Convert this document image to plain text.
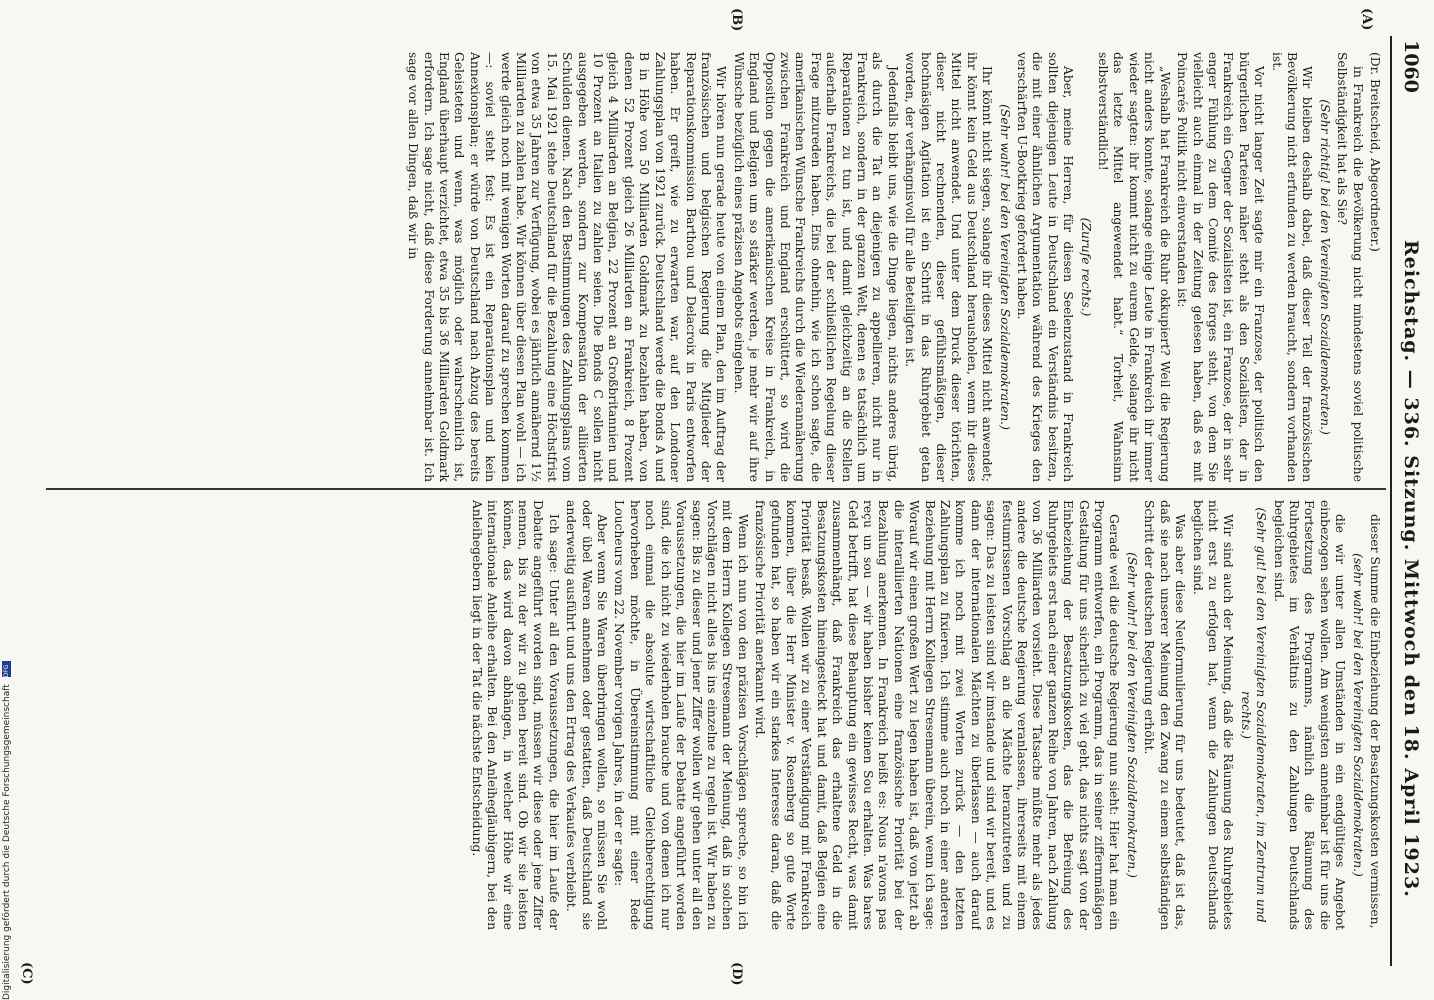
1060
Reichstag. — 336. Sitzung. Mittwoch den 18. April 1923.
(A)
(B)
(C)	(D)

(Dr. Breitscheid, Abgeordneter.)

in Frankreich die Bevölkerung nicht mindestens soviel politische Selbständigkeit hat als Sie?

(Sehr richtig! bei den Vereinigten Sozialdemokraten.)

Wir bleiben deshalb dabei, daß dieser Teil der französischen Bevölkerung nicht erfunden zu werden braucht, sondern vorhanden ist.

Vor nicht langer Zeit sagte mir ein Franzose, der politisch den bürgerlichen Parteien näher steht als den Sozialisten, der in Frankreich ein Gegner der Sozialisten ist, ein Franzose, der in sehr enger Fühlung zu dem Comité des forges steht, von dem Sie vielleicht auch einmal in der Zeitung gelesen haben, daß es mit Poincarés Politik nicht einverstanden ist:

„Weshalb hat Frankreich die Ruhr okkupiert? Weil die Regierung nicht anders konnte, solange einige Leute in Frankreich ihr immer wieder sagten: ihr kommt nicht zu eurem Gelde, solange ihr nicht das letzte Mittel angewendet habt.“ Torheit, Wahnsinn selbstverständlich!

(Zurufe rechts.)

Aber, meine Herren, für diesen Seelenzustand in Frankreich sollten diejenigen Leute in Deutschland ein Verständnis besitzen, die mit einer ähnlichen Argumentation während des Krieges den verschärften U-Bootkrieg gefordert haben.

(Sehr wahr! bei den Vereinigten Sozialdemokraten.)

Ihr könnt nicht siegen, solange ihr dieses Mittel nicht anwendet; ihr könnt kein Geld aus Deutschland herausholen, wenn ihr dieses Mittel nicht anwendet. Und unter dem Druck dieser törichten, dieser nicht rechnenden, dieser gefühlsmäßigen, dieser hochnäsigen Agitation ist ein Schritt in das Ruhrgebiet getan worden, der verhängnisvoll für alle Beteiligten ist.

Jedenfalls bleibt uns, wie die Dinge liegen, nichts anderes übrig, als durch die Tat an diejenigen zu appellieren, nicht nur in Frankreich, sondern in der ganzen Welt, denen es tatsächlich um Reparationen zu tun ist, und damit gleichzeitig an die Stellen außerhalb Frankreichs, die bei der schließlichen Regelung dieser Frage mitzureden haben. Eins ohnehin, wie ich schon sagte, die amerikanischen Wünsche Frankreichs durch die Wiederannäherung zwischen Frankreich und England erschüttert, so wird die Opposition gegen die amerikanischen Kreise in Frankreich, in England und Belgien um so stärker werden, je mehr wir auf ihre Wünsche bezüglich eines präzisen Angebots eingehen.

Wir hören nun gerade heute von einem Plan, den im Auftrag der französischen und belgischen Regierung die Mitglieder der Reparationskommission Barthou und Delacroix in Paris entworfen haben. Er greift, wie zu erwarten war, auf den Londoner Zahlungsplan von 1921 zurück. Deutschland werde die Bonds A und B in Höhe von 50 Milliarden Goldmark zu bezahlen haben, von denen 52 Prozent gleich 26 Milliarden an Frankreich, 8 Prozent gleich 4 Milliarden an Belgien, 22 Prozent an Großbritannien und 10 Prozent an Italien zu zahlen seien. Die Bonds C sollen nicht ausgegeben werden, sondern zur Kompensation der alliierten Schulden dienen. Nach den Bestimmungen des Zahlungsplans vom 15. Mai 1921 stehe Deutschland für die Bezahlung eine Höchstfrist von etwa 35 Jahren zur Verfügung, wobei es jährlich annähernd 1½ Milliarden zu zahlen habe. Wir können über diesen Plan wohl — ich werde gleich noch mit wenigen Worten darauf zu sprechen kommen —: soviel steht fest: Es ist ein Reparationsplan und kein Annexionsplan; er würde von Deutschland nach Abzug des bereits Geleisteten und wenn, was möglich oder wahrscheinlich ist, England überhaupt verzichtet, etwa 35 bis 36 Milliarden Goldmark erfordern. Ich sage nicht, daß diese Forderung annehmbar ist. Ich sage vor allen Dingen, daß wir in

dieser Summe die Einbeziehung der Besatzungskosten vermissen,

(sehr wahr! bei den Vereinigten Sozialdemokraten.)

die wir unter allen Umständen in ein endgültiges Angebot einbezogen sehen wollen. Am wenigsten annehmbar ist für uns die Fortsetzung des Programms, nämlich die Räumung des Ruhrgebietes im Verhältnis zu den Zahlungen Deutschlands begleichen sind.

(Sehr gut! bei den Vereinigten Sozialdemokraten, im Zentrum und rechts.)

Wir sind auch der Meinung, daß die Räumung des Ruhrgebietes nicht erst zu erfolgen hat, wenn die Zahlungen Deutschlands beglichen sind.

Was aber diese Neuformulierung für uns bedeutet, daß ist das, daß sie nach unserer Meinung den Zwang zu einem selbständigen Schritt der deutschen Regierung erhöht.

(Sehr wahr! bei den Vereinigten Sozialdemokraten.)

Gerade weil die deutsche Regierung nun sieht: Hier hat man ein Programm entworfen, ein Programm, das in seiner ziffernmäßigen Gestaltung für uns sicherlich zu viel geht, das nichts sagt von der Einbeziehung der Besatzungskosten, das die Befreiung des Ruhrgebiets erst nach einer ganzen Reihe von Jahren, nach Zahlung von 36 Milliarden vorsieht. Diese Tatsache müßte mehr als jedes andere die deutsche Regierung veranlassen, ihrerseits mit einem festumrissenen Vorschlag an die Mächte heranzutreten und zu sagen: Das zu leisten sind wir imstande und sind wir bereit, und es dann der internationalen Mächten zu überlassen — auch darauf komme ich noch mit zwei Worten zurück — den letzten Zahlungsplan zu fixieren. Ich stimme auch noch in einer anderen Beziehung mit Herrn Kollegen Stresemann überein, wenn ich sage: Worauf wir einen großen Wert zu legen haben ist, daß von jetzt ab die interalliierten Nationen eine französische Priorität bei der Bezahlung anerkennen. In Frankreich heißt es: Nous n'avons pas reçu un sou — wir haben bisher keinen Sou erhalten. Was bares Geld betrifft, hat diese Behauptung ein gewisses Recht, was damit zusammenhängt, daß Frankreich das erhaltene Geld in die Besatzungskosten hineingesteckt hat und damit, daß Belgien eine Priorität besaß. Wollen wir zu einer Verständigung mit Frankreich kommen, über die Herr Minister v. Rosenberg so gute Worte gefunden hat, so haben wir ein starkes Interesse daran, daß die französische Priorität anerkannt wird.

Wenn ich nun von den präzisen Vorschlägen spreche, so bin ich mit dem Herrn Kollegen Stresemann der Meinung, daß in solchen Vorschlägen nicht alles bis ins einzelne zu regeln ist. Wir haben zu sagen: Bis zu dieser und jener Ziffer wollen wir gehen unter all den Voraussetzungen, die hier im Laufe der Debatte angeführt worden sind, die ich nicht zu wiederholen brauche und von denen ich nur noch einmal die absolute wirtschaftliche Gleichberechtigung hervorheben möchte, in Übereinstimmung mit einer Rede Loucheurs vom 22. November vorigen Jahres, in der er sagte:

Aber wenn Sie Waren überbringen wollen, so müssen Sie wohl oder übel Waren annehmen oder gestatten, daß Deutschland sie anderweitig ausführt und uns den Ertrag des Verkaufes verbleibt.

Ich sage: Unter all den Voraussetzungen, die hier im Laufe der Debatte angeführt worden sind, müssen wir diese oder jene Ziffer nennen, bis zu der wir zu gehen bereit sind. Ob wir sie leisten können, das wird davon abhängen, in welcher Höhe wir eine internationale Anleihe erhalten. Bei den Anleihegläubigern, bei den Anleihegebern liegt in der Tat die nächste Entscheidung.

Digitalisierung gefördert durch die Deutsche Forschungsgemeinschaft DFG
